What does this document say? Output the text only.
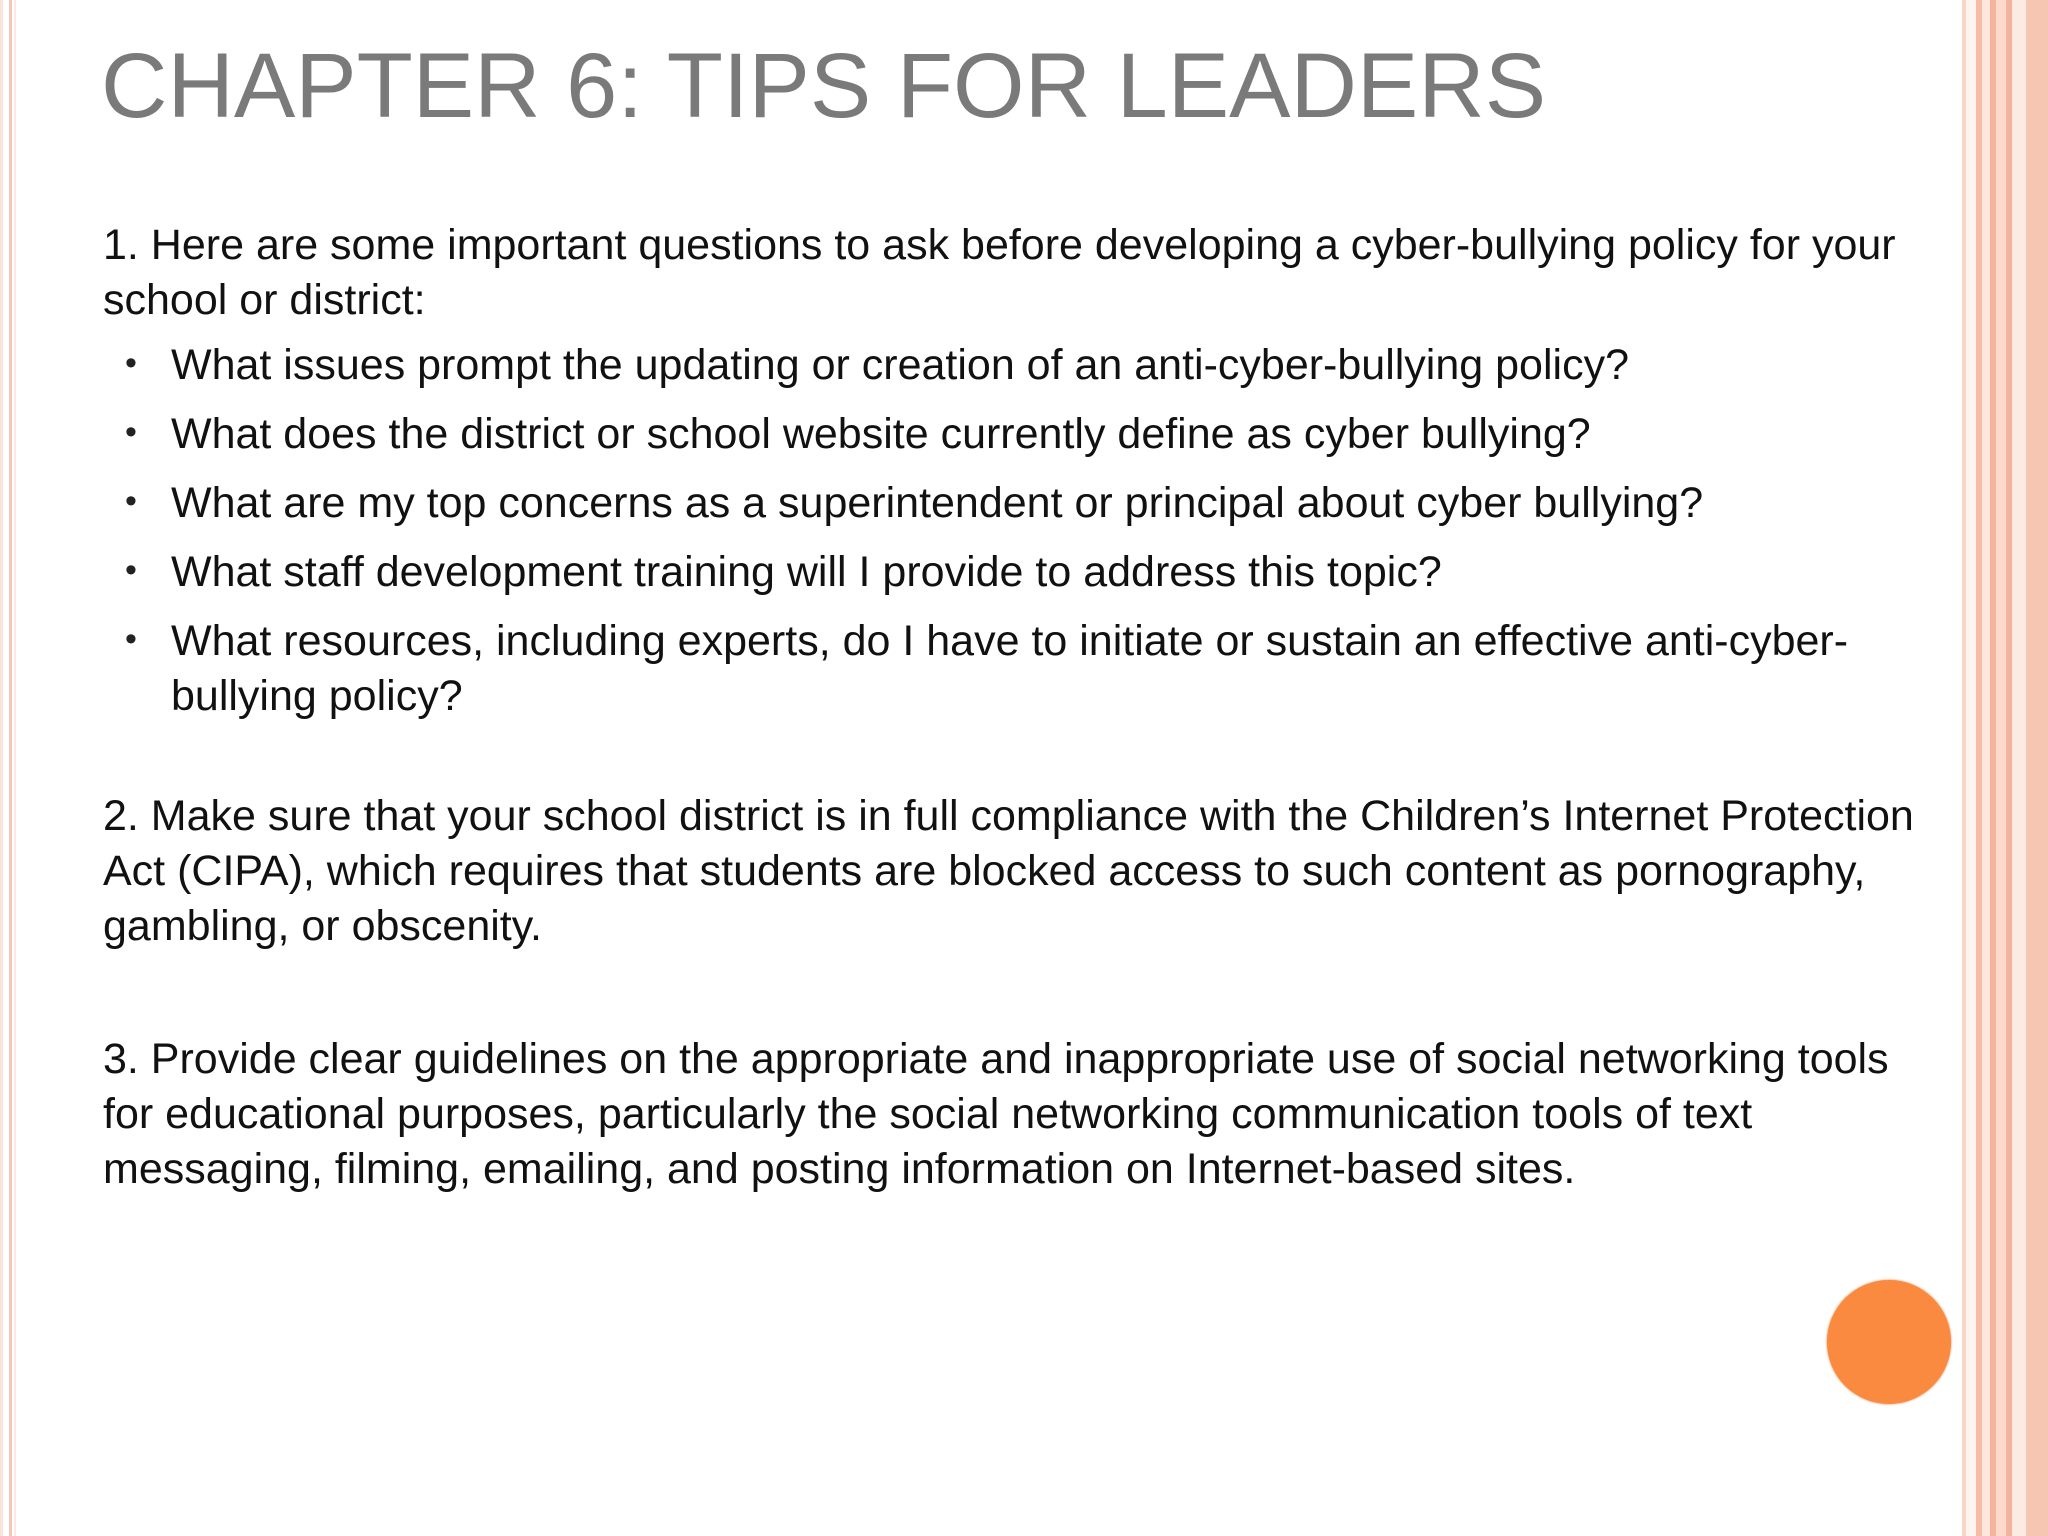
CHAPTER 6: TIPS FOR LEADERS

1. Here are some important questions to ask before developing a cyber-bullying policy for your school or district:

• What issues prompt the updating or creation of an anti-cyber-bullying policy?
• What does the district or school website currently define as cyber bullying?
• What are my top concerns as a superintendent or principal about cyber bullying?
• What staff development training will I provide to address this topic?
• What resources, including experts, do I have to initiate or sustain an effective anti-cyber-bullying policy?

2. Make sure that your school district is in full compliance with the Children’s Internet Protection Act (CIPA), which requires that students are blocked access to such content as pornography, gambling, or obscenity.

3. Provide clear guidelines on the appropriate and inappropriate use of social networking tools for educational purposes, particularly the social networking communication tools of text messaging, filming, emailing, and posting information on Internet-based sites.
